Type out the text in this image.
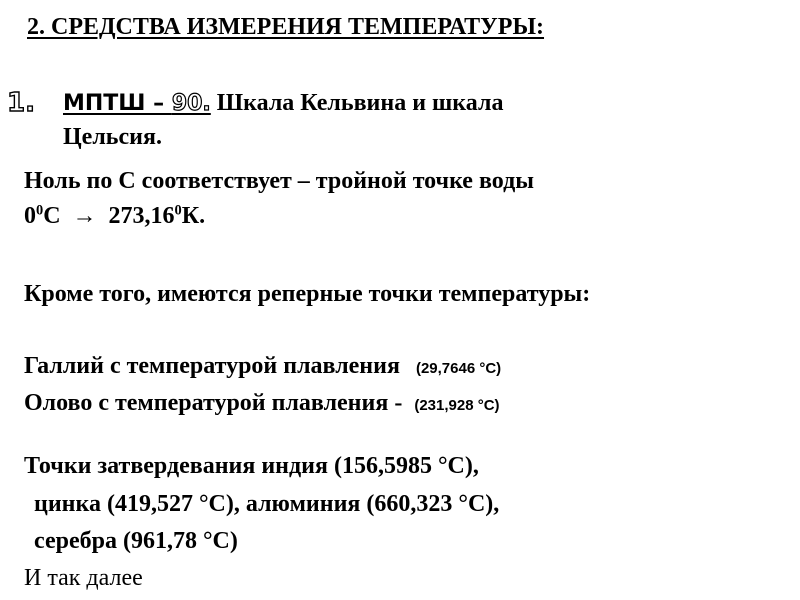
2. СРЕДСТВА ИЗМЕРЕНИЯ ТЕМПЕРАТУРЫ:
1. МПТШ – 90. Шкала Кельвина и шкала
Цельсия.
Ноль по С соответствует – тройной точке воды
$0^0С \to 273,16^0К$.
Кроме того, имеются реперные точки температуры:
Галлий с температурой плавления (29,7646 °С)
Олово с температурой плавления - (231,928 °С)
Точки затвердевания индия (156,5985 °С),
цинка (419,527 °С), алюминия (660,323 °С),
серебра (961,78 °С)
И так далее
